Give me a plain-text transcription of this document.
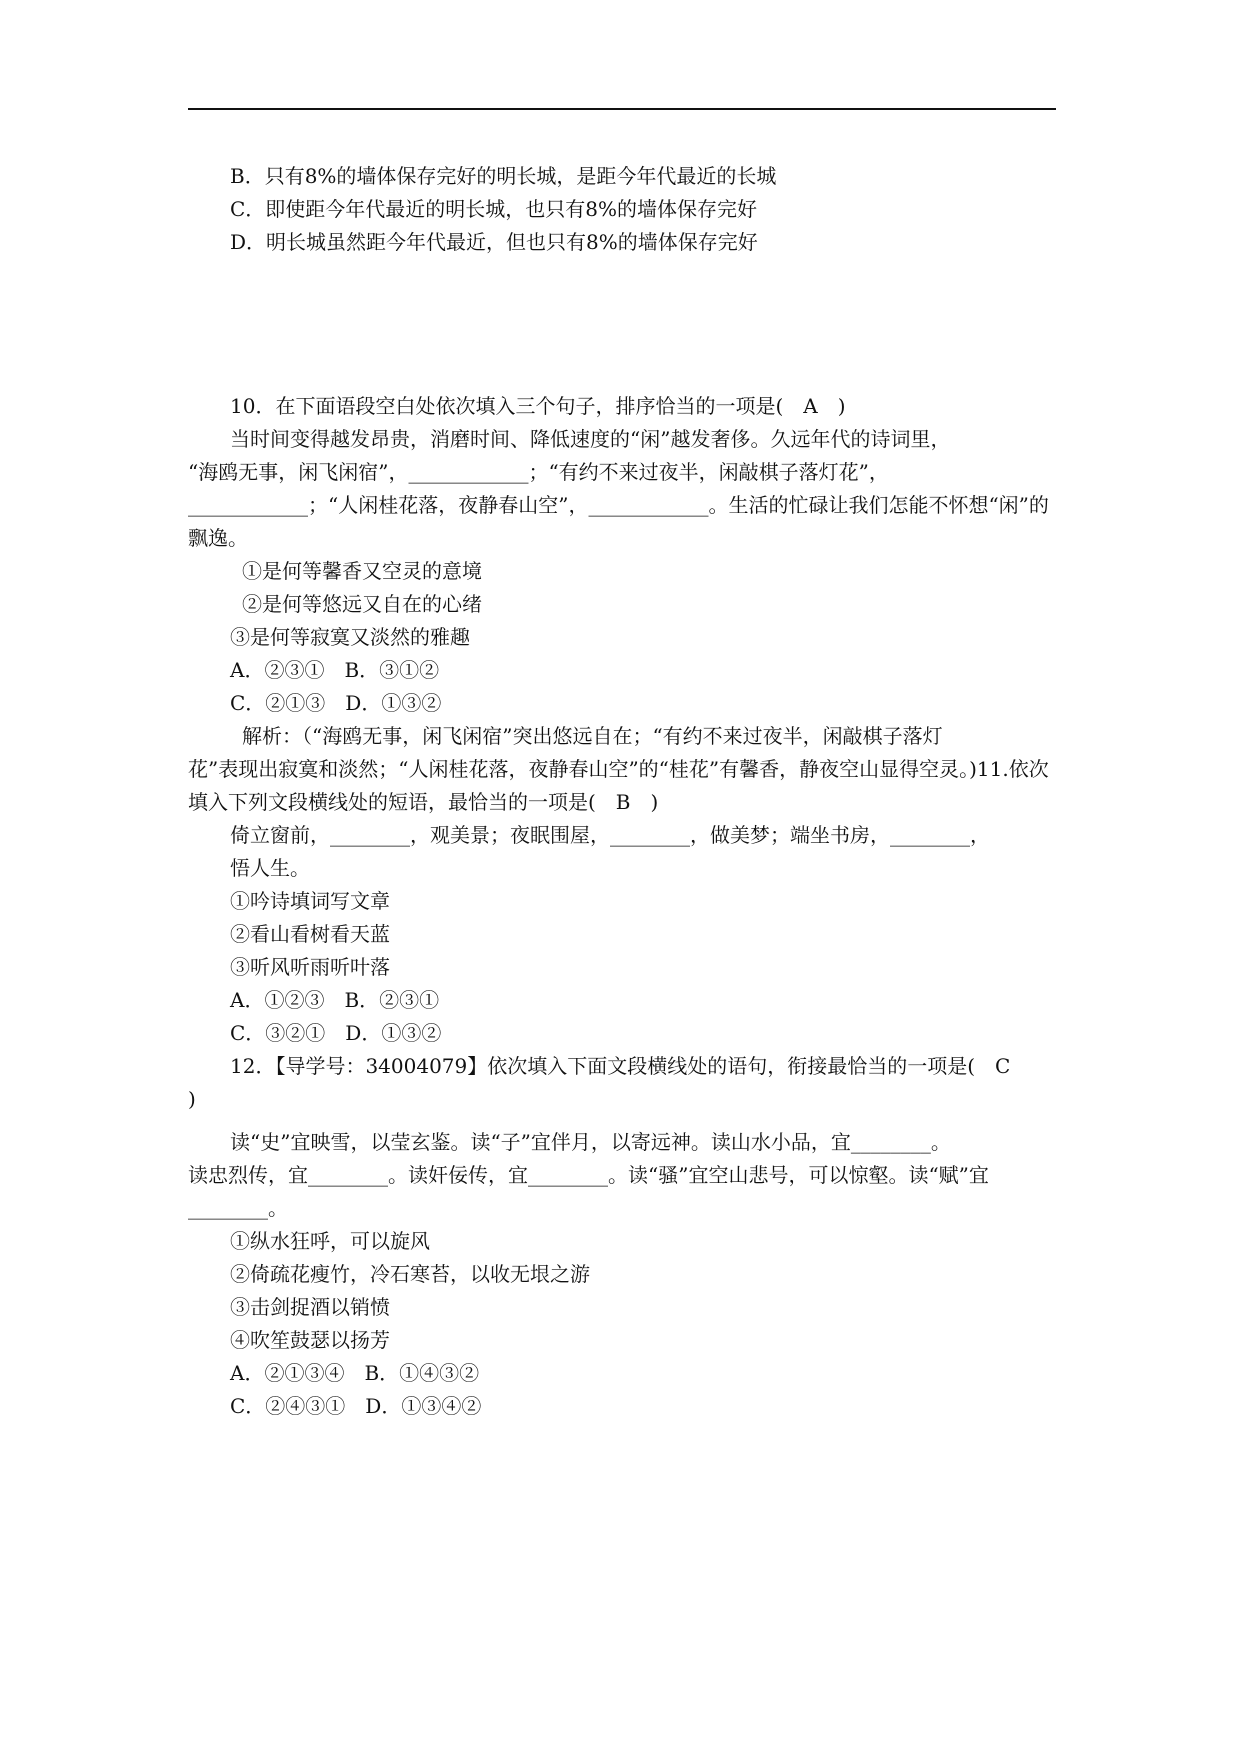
B．只有8%的墙体保存完好的明长城，是距今年代最近的长城

C．即使距今年代最近的明长城，也只有8%的墙体保存完好

D．明长城虽然距今年代最近，但也只有8%的墙体保存完好

10．在下面语段空白处依次填入三个句子，排序恰当的一项是(　A　)

当时间变得越发昂贵，消磨时间、降低速度的“闲”越发奢侈。久远年代的诗词里，

“海鸥无事，闲飞闲宿”，____________；“有约不来过夜半，闲敲棋子落灯花”，____________；“人闲桂花落，夜静春山空”，____________。生活的忙碌让我们怎能不怀想“闲”的飘逸。

①是何等馨香又空灵的意境

②是何等悠远又自在的心绪

③是何等寂寞又淡然的雅趣

A．②③①　B．③①②

C．②①③　D．①③②

解析：（“海鸥无事，闲飞闲宿”突出悠远自在；“有约不来过夜半，闲敲棋子落灯

花”表现出寂寞和淡然；“人闲桂花落，夜静春山空”的“桂花”有馨香，静夜空山显得空灵。)11.依次填入下列文段横线处的短语，最恰当的一项是(　B　)

倚立窗前，________，观美景；夜眠围屋，________，做美梦；端坐书房，________，

悟人生。

①吟诗填词写文章

②看山看树看天蓝

③听风听雨听叶落

A．①②③　B．②③①

C．③②①　D．①③②

12．【导学号：34004079】依次填入下面文段横线处的语句，衔接最恰当的一项是(　C

)

读“史”宜映雪，以莹玄鉴。读“子”宜伴月，以寄远神。读山水小品，宜________。

读忠烈传，宜________。读奸佞传，宜________。读“骚”宜空山悲号，可以惊壑。读“赋”宜________。

①纵水狂呼，可以旋风

②倚疏花瘦竹，冷石寒苔，以收无垠之游

③击剑捉酒以销愤

④吹笙鼓瑟以扬芳

A．②①③④　B．①④③②

C．②④③①　D．①③④②
